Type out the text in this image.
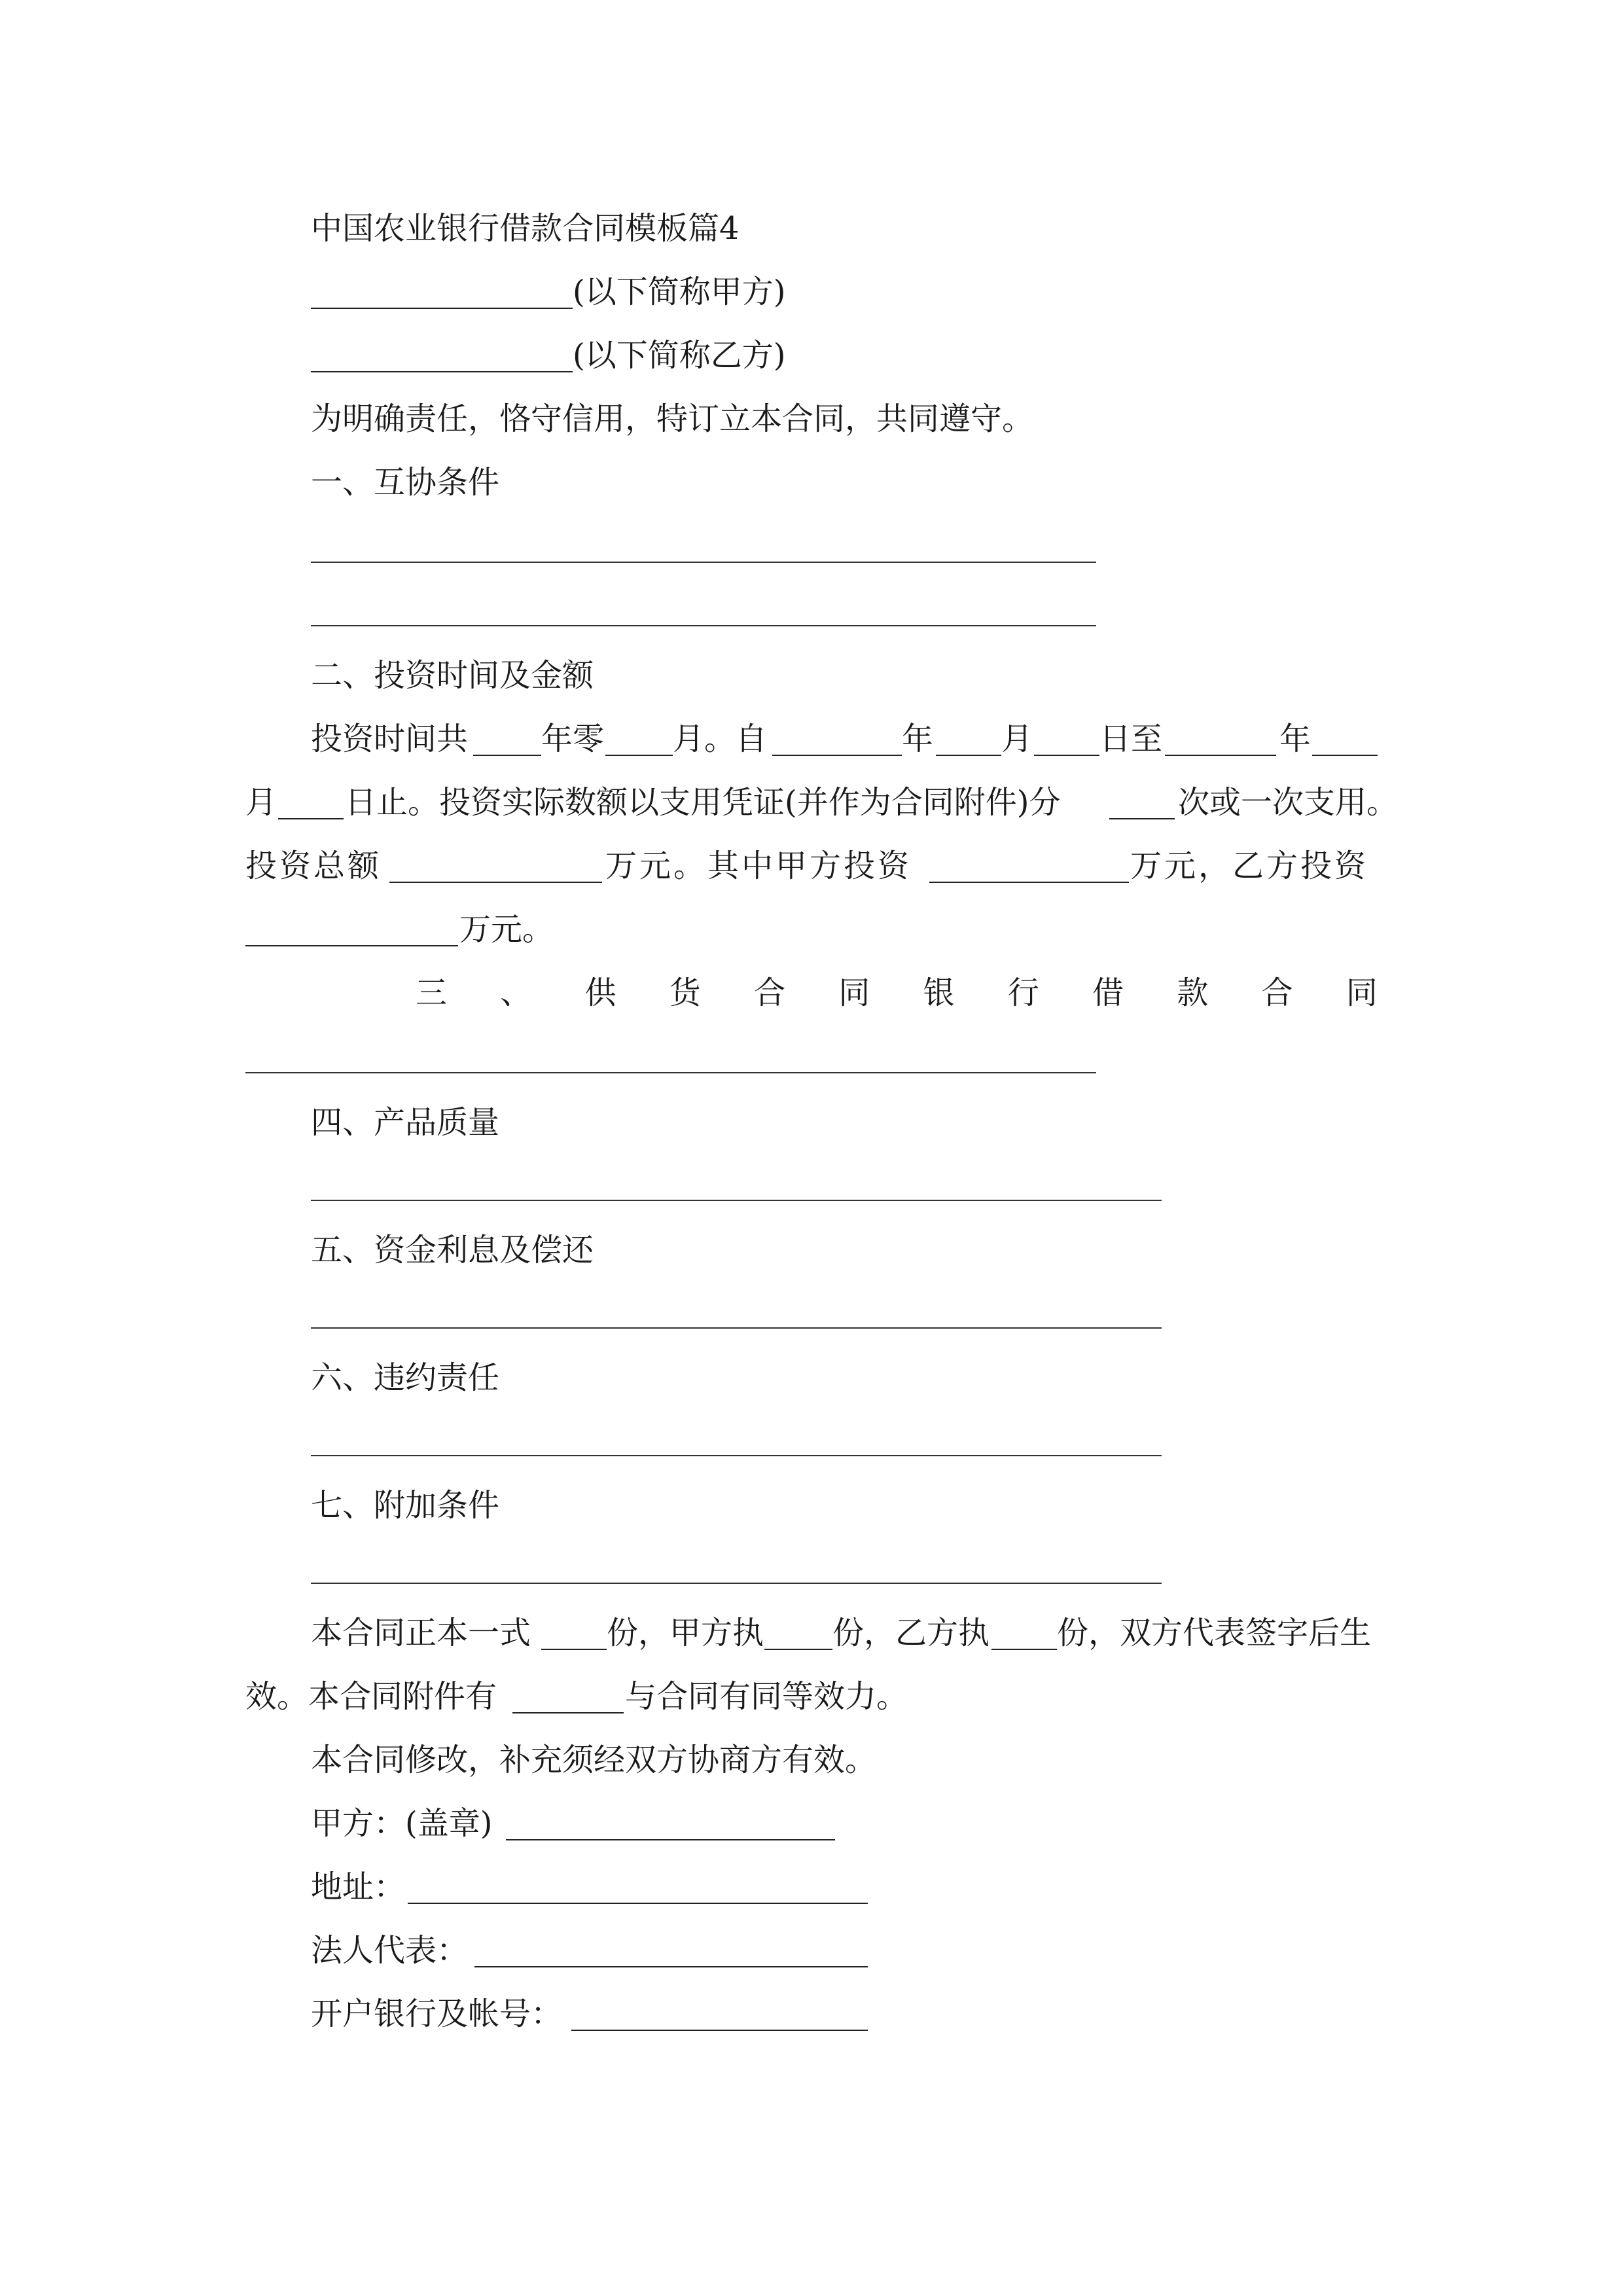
中国农业银行借款合同模板篇4
(以下简称甲方)
(以下简称乙方)
为明确责任，恪守信用，特订立本合同，共同遵守。
一、互协条件
二、投资时间及金额
投资时间共 年零 月。自	年 月 日至	年
月 日止。投资实际数额以支用凭证(并作为合同附件)分	次或一次支用。
投资总额	万元。其中甲方投资	万元，乙方投资
万元。
三 、 供 货 合 同 银 行 借 款 合 同
四、产品质量
五、资金利息及偿还
六、违约责任
七、附加条件
本合同正本一式 份，甲方执 份，乙方执 份，双方代表签字后生
效。本合同附件有	与合同有同等效力。
本合同修改，补充须经双方协商方有效。
甲方：(盖章)
地址：
法人代表：
开户银行及帐号：
